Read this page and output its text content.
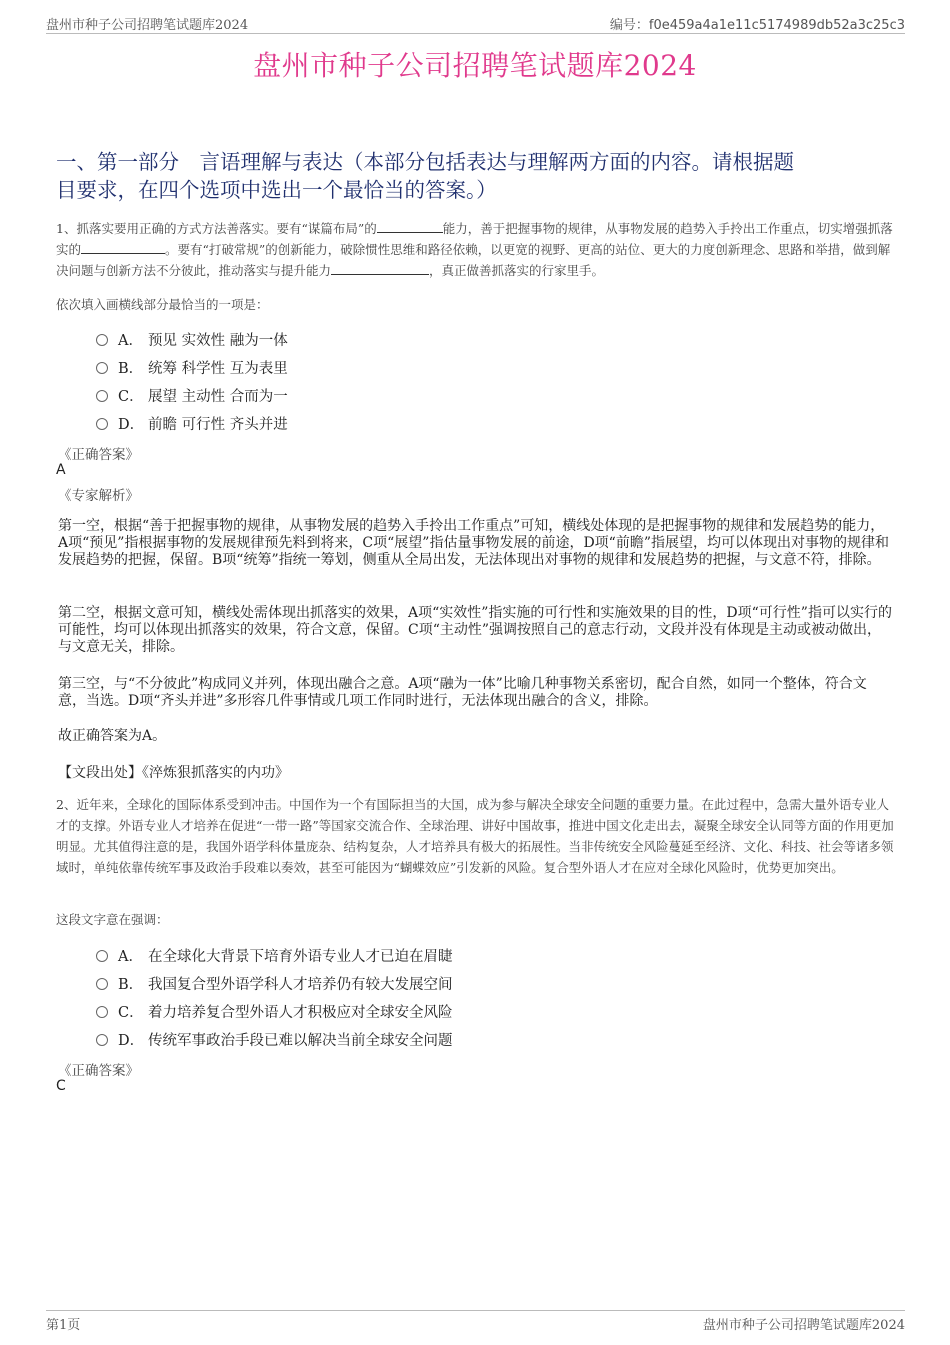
盘州市种子公司招聘笔试题库2024	编号：f0e459a4a1e11c5174989db52a3c25c3
盘州市种子公司招聘笔试题库2024
一、第一部分　言语理解与表达（本部分包括表达与理解两方面的内容。请根据题
目要求，在四个选项中选出一个最恰当的答案。）
1、抓落实要用正确的方式方法善落实。要有“谋篇布局”的	能力，善于把握事物的规律，从事物发展的趋势入手拎出工作重点，切实增强抓落实的	。要有“打破常规”的创新能力，破除惯性思维和路径依赖，以更宽的视野、更高的站位、更大的力度创新理念、思路和举措，做到解决问题与创新方法不分彼此，推动落实与提升能力	，真正做善抓落实的行家里手。
依次填入画横线部分最恰当的一项是：
A． 预见 实效性 融为一体
B． 统筹 科学性 互为表里
C． 展望 主动性 合而为一
D． 前瞻 可行性 齐头并进
《正确答案》
A
《专家解析》
第一空，根据“善于把握事物的规律，从事物发展的趋势入手拎出工作重点”可知，横线处体现的是把握事物的规律和发展趋势的能力，A项“预见”指根据事物的发展规律预先料到将来，C项“展望”指估量事物发展的前途，D项“前瞻”指展望，均可以体现出对事物的规律和发展趋势的把握，保留。B项“统筹”指统一筹划，侧重从全局出发，无法体现出对事物的规律和发展趋势的把握，与文意不符，排除。
第二空，根据文意可知，横线处需体现出抓落实的效果，A项“实效性”指实施的可行性和实施效果的目的性，D项“可行性”指可以实行的可能性，均可以体现出抓落实的效果，符合文意，保留。C项“主动性”强调按照自己的意志行动，文段并没有体现是主动或被动做出，与文意无关，排除。
第三空，与“不分彼此”构成同义并列，体现出融合之意。A项“融为一体”比喻几种事物关系密切，配合自然，如同一个整体，符合文意，当选。D项“齐头并进”多形容几件事情或几项工作同时进行，无法体现出融合的含义，排除。
故正确答案为A。
【文段出处】《淬炼狠抓落实的内功》
2、近年来，全球化的国际体系受到冲击。中国作为一个有国际担当的大国，成为参与解决全球安全问题的重要力量。在此过程中，急需大量外语专业人才的支撑。外语专业人才培养在促进“一带一路”等国家交流合作、全球治理、讲好中国故事，推进中国文化走出去，凝聚全球安全认同等方面的作用更加明显。尤其值得注意的是，我国外语学科体量庞杂、结构复杂，人才培养具有极大的拓展性。当非传统安全风险蔓延至经济、文化、科技、社会等诸多领域时，单纯依靠传统军事及政治手段难以奏效，甚至可能因为“蝴蝶效应”引发新的风险。复合型外语人才在应对全球化风险时，优势更加突出。
这段文字意在强调：
A． 在全球化大背景下培育外语专业人才已迫在眉睫
B． 我国复合型外语学科人才培养仍有较大发展空间
C． 着力培养复合型外语人才积极应对全球安全风险
D． 传统军事政治手段已难以解决当前全球安全问题
《正确答案》
C
第1页	盘州市种子公司招聘笔试题库2024
